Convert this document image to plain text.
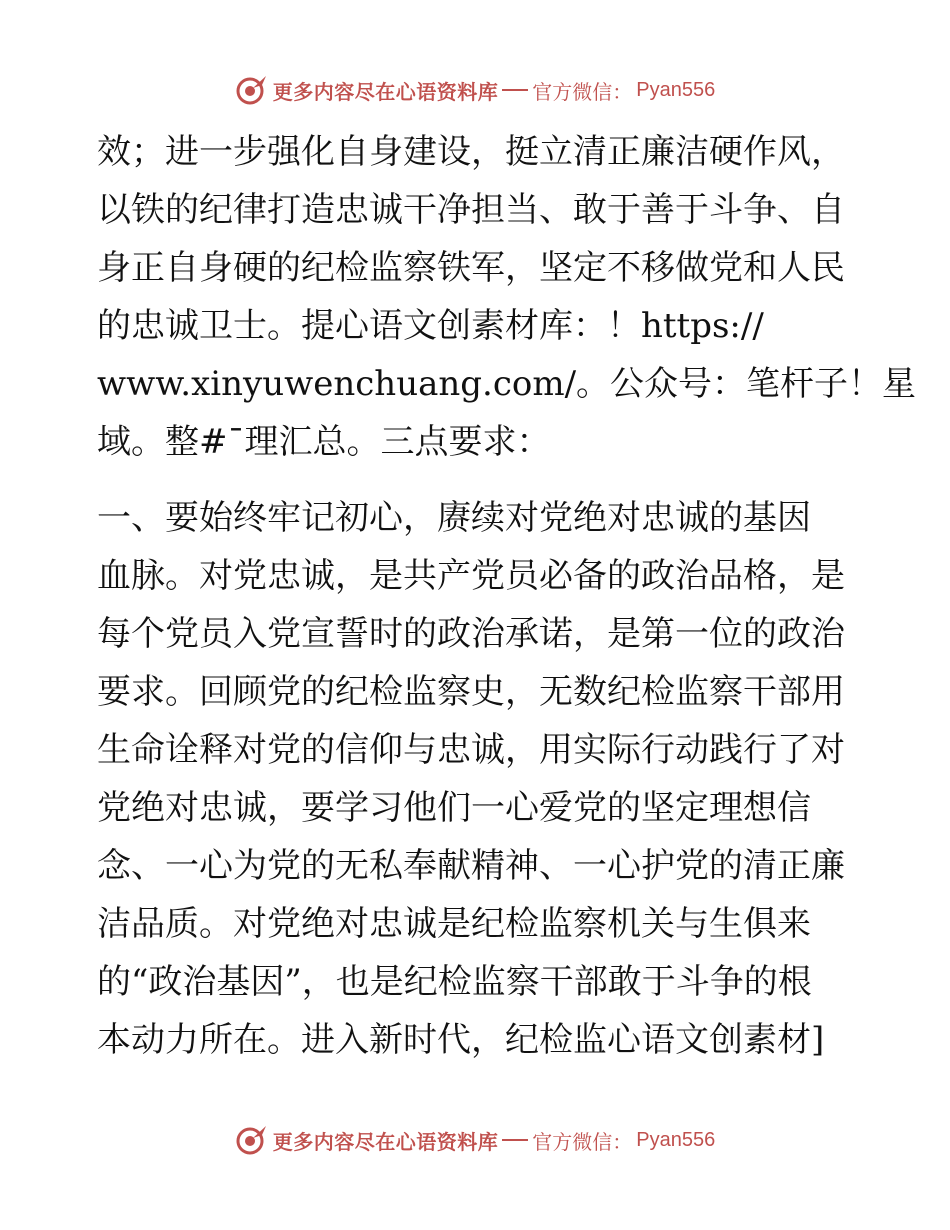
更多内容尽在心语资料库 官方微信： Pyan556
效；进一步强化自身建设，挺立清正廉洁硬作风，
以铁的纪律打造忠诚干净担当、敢于善于斗争、自
身正自身硬的纪检监察铁军，坚定不移做党和人民
的忠诚卫士。提心语文创素材库：！https://
www.xinyuwenchuang.com/。公众号：笔杆子！星
域。整#¯理汇总。三点要求：
一、要始终牢记初心，赓续对党绝对忠诚的基因
血脉。对党忠诚，是共产党员必备的政治品格，是
每个党员入党宣誓时的政治承诺，是第一位的政治
要求。回顾党的纪检监察史，无数纪检监察干部用
生命诠释对党的信仰与忠诚，用实际行动践行了对
党绝对忠诚，要学习他们一心爱党的坚定理想信
念、一心为党的无私奉献精神、一心护党的清正廉
洁品质。对党绝对忠诚是纪检监察机关与生俱来
的“政治基因”，也是纪检监察干部敢于斗争的根
本动力所在。进入新时代，纪检监心语文创素材]
更多内容尽在心语资料库 官方微信： Pyan556
